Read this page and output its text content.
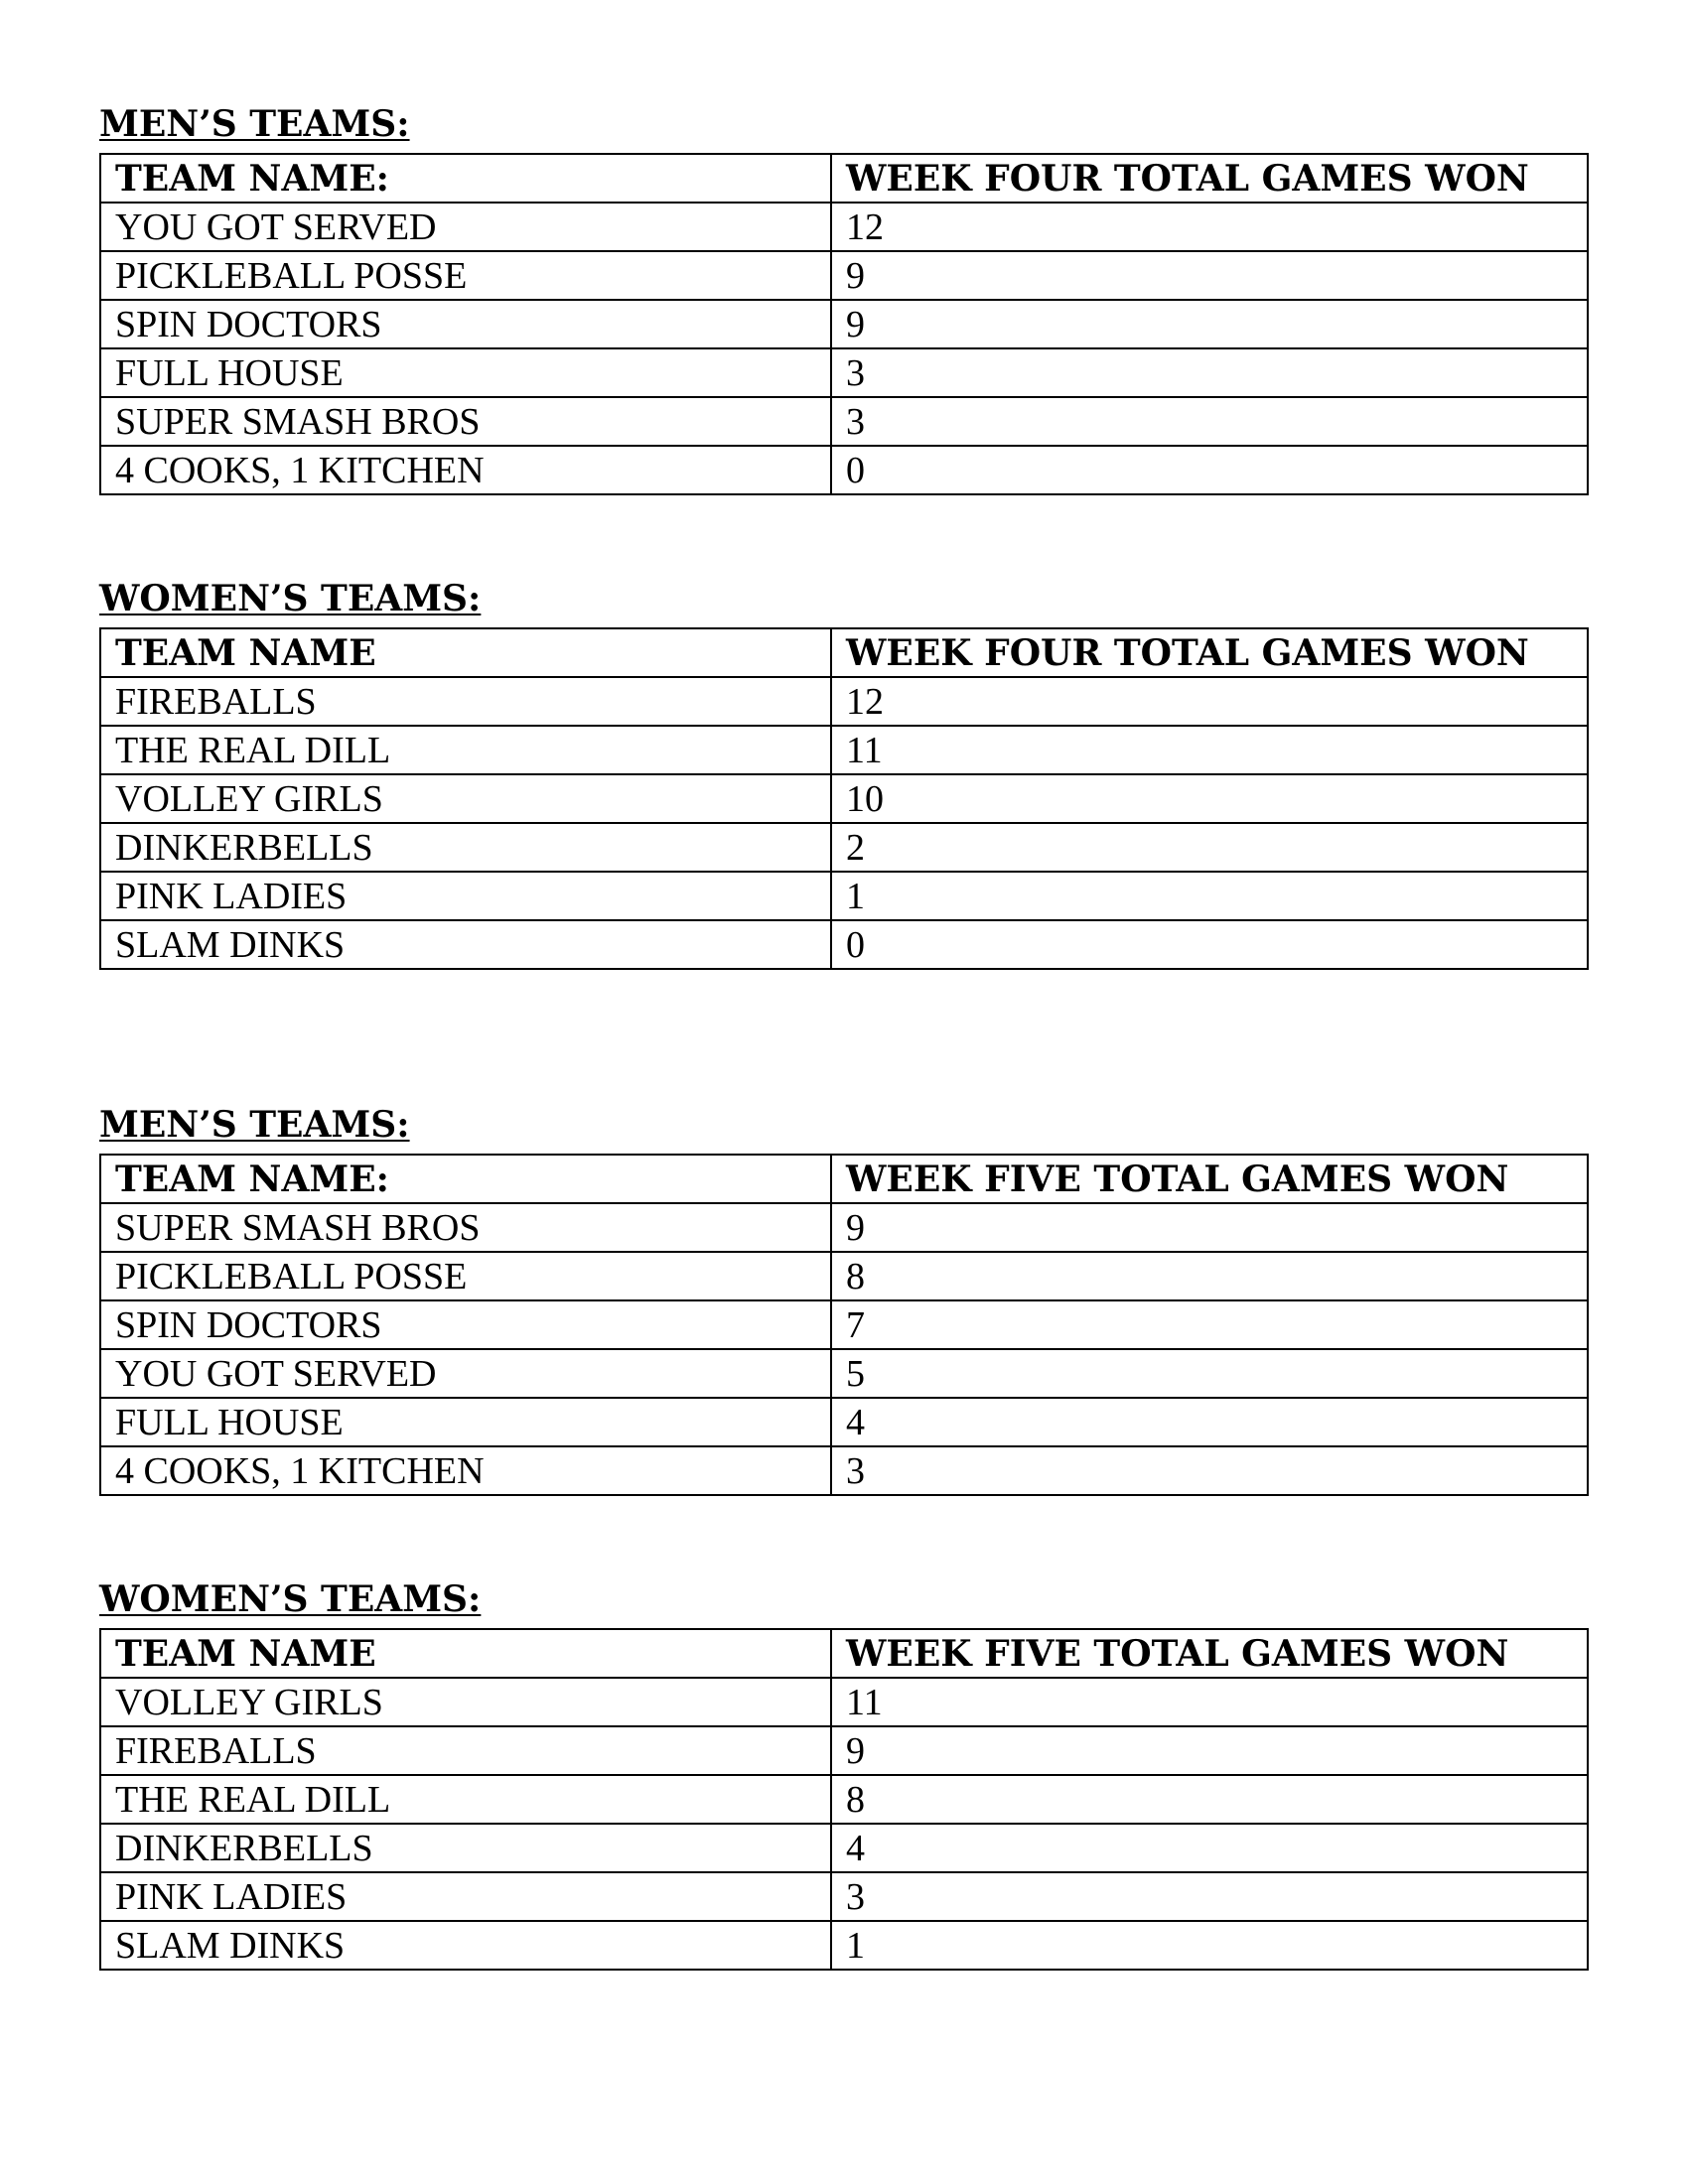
MEN’S TEAMS:
TEAM NAME:	WEEK FOUR TOTAL GAMES WON
YOU GOT SERVED	12
PICKLEBALL POSSE	9
SPIN DOCTORS	9
FULL HOUSE	3
SUPER SMASH BROS	3
4 COOKS, 1 KITCHEN	0
WOMEN’S TEAMS:
TEAM NAME	WEEK FOUR TOTAL GAMES WON
FIREBALLS	12
THE REAL DILL	11
VOLLEY GIRLS	10
DINKERBELLS	2
PINK LADIES	1
SLAM DINKS	0
MEN’S TEAMS:
TEAM NAME:	WEEK FIVE TOTAL GAMES WON
SUPER SMASH BROS	9
PICKLEBALL POSSE	8
SPIN DOCTORS	7
YOU GOT SERVED	5
FULL HOUSE	4
4 COOKS, 1 KITCHEN	3
WOMEN’S TEAMS:
TEAM NAME	WEEK FIVE TOTAL GAMES WON
VOLLEY GIRLS	11
FIREBALLS	9
THE REAL DILL	8
DINKERBELLS	4
PINK LADIES	3
SLAM DINKS	1
